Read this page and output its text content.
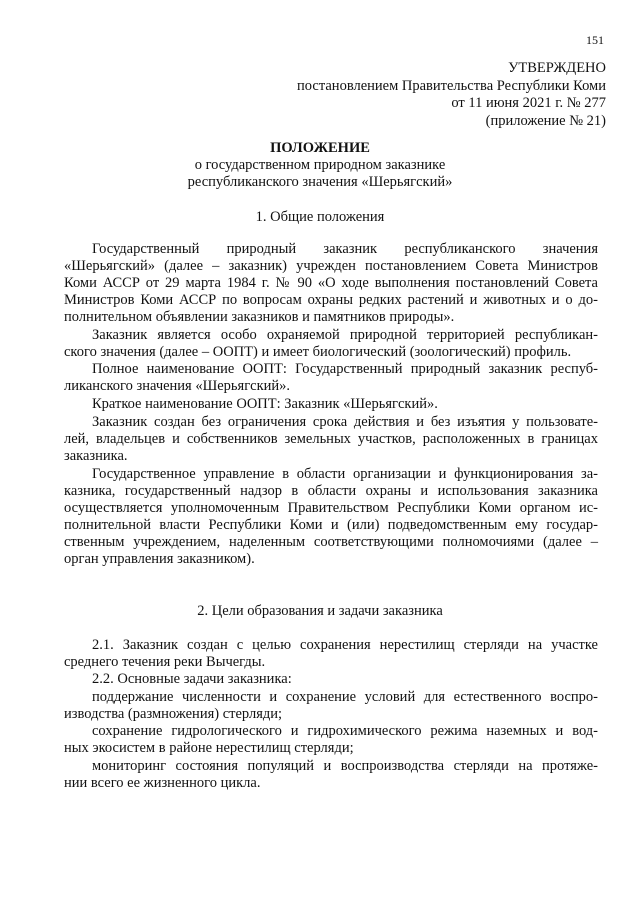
151
УТВЕРЖДЕНО
постановлением Правительства Республики Коми
от 11 июня 2021 г. № 277
(приложение № 21)
ПОЛОЖЕНИЕ
о государственном природном заказнике
республиканского значения «Шерьягский»
1. Общие положения
Государственный природный заказник республиканского значения
«Шерьягский» (далее – заказник) учрежден постановлением Совета Министров
Коми АССР от 29 марта 1984 г. № 90 «О ходе выполнения постановлений Совета
Министров Коми АССР по вопросам охраны редких растений и животных и о до-
полнительном объявлении заказников и памятников природы».
Заказник является особо охраняемой природной территорией республикан-
ского значения (далее – ООПТ) и имеет биологический (зоологический) профиль.
Полное наименование ООПТ: Государственный природный заказник респуб-
ликанского значения «Шерьягский».
Краткое наименование ООПТ: Заказник «Шерьягский».
Заказник создан без ограничения срока действия и без изъятия у пользовате-
лей, владельцев и собственников земельных участков, расположенных в границах
заказника.
Государственное управление в области организации и функционирования за-
казника, государственный надзор в области охраны и использования заказника
осуществляется уполномоченным Правительством Республики Коми органом ис-
полнительной власти Республики Коми и (или) подведомственным ему государ-
ственным учреждением, наделенным соответствующими полномочиями (далее –
орган управления заказником).
2. Цели образования и задачи заказника
2.1. Заказник создан с целью сохранения нерестилищ стерляди на участке
среднего течения реки Вычегды.
2.2. Основные задачи заказника:
поддержание численности и сохранение условий для естественного воспро-
изводства (размножения) стерляди;
сохранение гидрологического и гидрохимического режима наземных и вод-
ных экосистем в районе нерестилищ стерляди;
мониторинг состояния популяций и воспроизводства стерляди на протяже-
нии всего ее жизненного цикла.
